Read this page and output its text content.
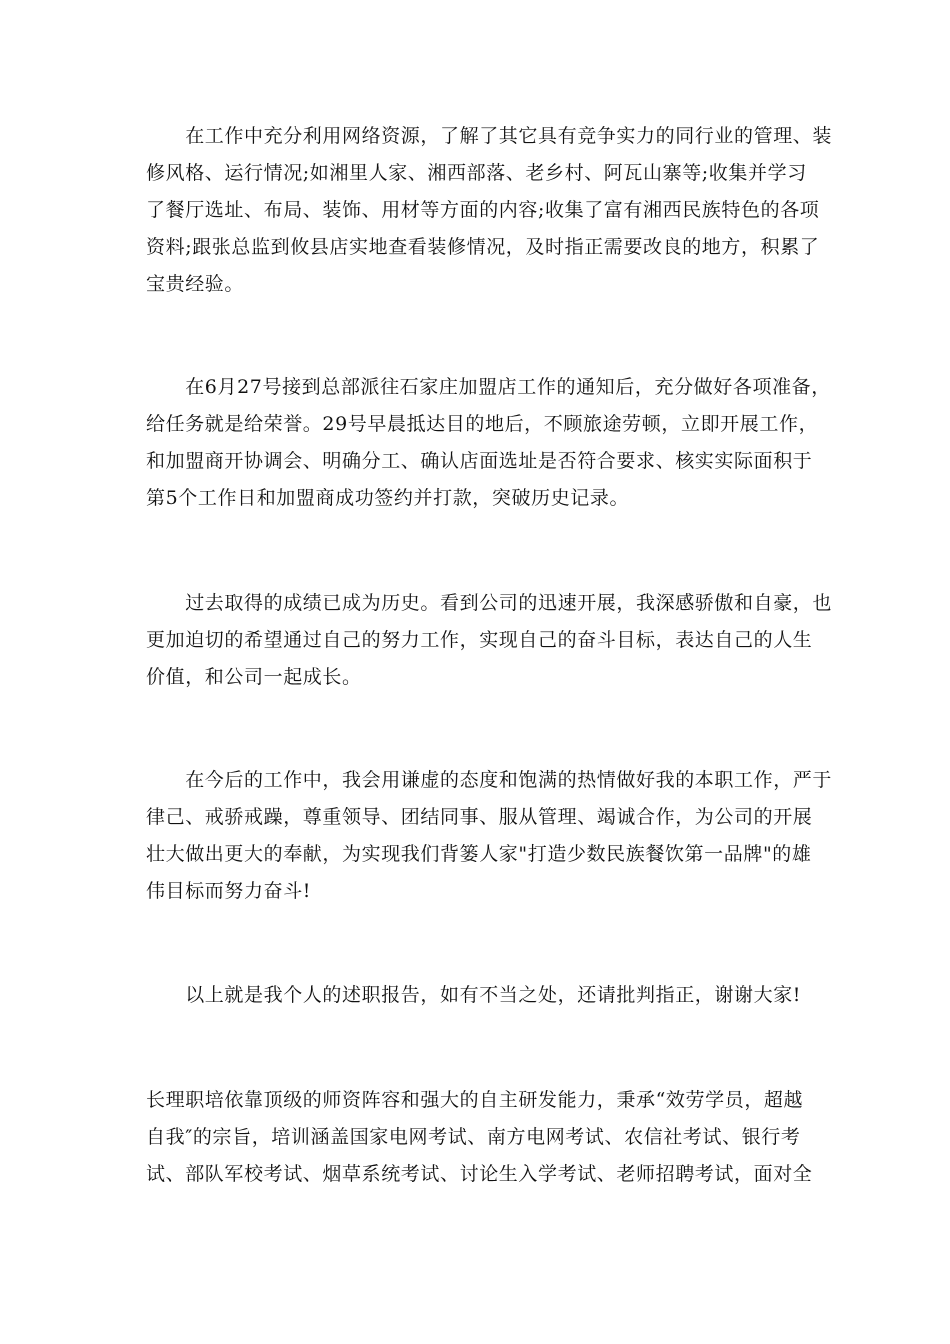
　　在工作中充分利用网络资源，了解了其它具有竞争实力的同行业的管理、装
修风格、运行情况;如湘里人家、湘西部落、老乡村、阿瓦山寨等;收集并学习
了餐厅选址、布局、装饰、用材等方面的内容;收集了富有湘西民族特色的各项
资料;跟张总监到攸县店实地查看装修情况，及时指正需要改良的地方，积累了
宝贵经验。
　　在6月27号接到总部派往石家庄加盟店工作的通知后，充分做好各项准备，
给任务就是给荣誉。29号早晨抵达目的地后，不顾旅途劳顿，立即开展工作，
和加盟商开协调会、明确分工、确认店面选址是否符合要求、核实实际面积于
第5个工作日和加盟商成功签约并打款，突破历史记录。
　　过去取得的成绩已成为历史。看到公司的迅速开展，我深感骄傲和自豪，也
更加迫切的希望通过自己的努力工作，实现自己的奋斗目标，表达自己的人生
价值，和公司一起成长。
　　在今后的工作中，我会用谦虚的态度和饱满的热情做好我的本职工作，严于
律己、戒骄戒躁，尊重领导、团结同事、服从管理、竭诚合作，为公司的开展
壮大做出更大的奉献，为实现我们背篓人家"打造少数民族餐饮第一品牌"的雄
伟目标而努力奋斗!
　　以上就是我个人的述职报告，如有不当之处，还请批判指正，谢谢大家!
长理职培依靠顶级的师资阵容和强大的自主研发能力，秉承“效劳学员，超越
自我″的宗旨，培训涵盖国家电网考试、南方电网考试、农信社考试、银行考
试、部队军校考试、烟草系统考试、讨论生入学考试、老师招聘考试，面对全
